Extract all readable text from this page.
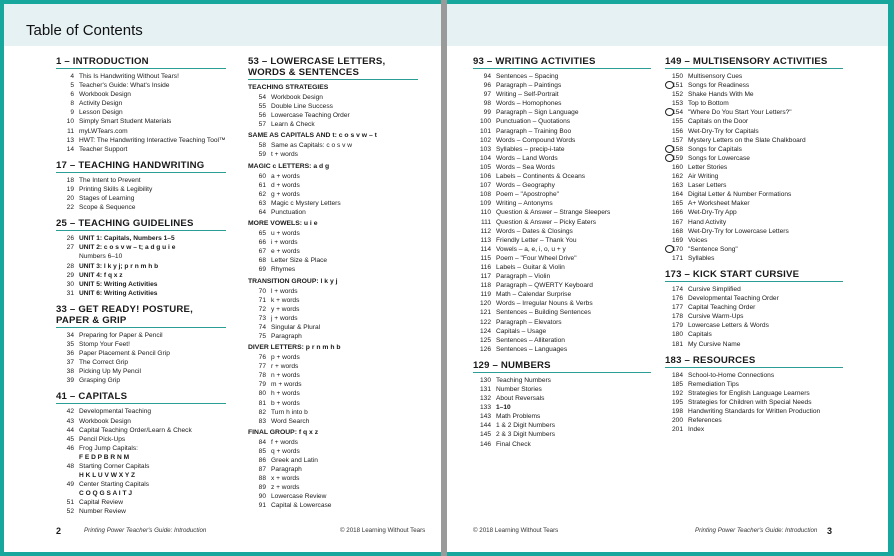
Table of Contents
1 – INTRODUCTION
4 This Is Handwriting Without Tears!
5 Teacher's Guide: What's Inside
6 Workbook Design
8 Activity Design
9 Lesson Design
10 Simply Smart Student Materials
11 myLWTears.com
13 HWT: The Handwriting Interactive Teaching Tool™
14 Teacher Support
17 – TEACHING HANDWRITING
18 The Intent to Prevent
19 Printing Skills & Legibility
20 Stages of Learning
22 Scope & Sequence
25 – TEACHING GUIDELINES
26 UNIT 1: Capitals, Numbers 1–5
27 UNIT 2: c o s v w – t; a d g u i e
Numbers 6–10
28 UNIT 3: l k y j; p r n m h b
29 UNIT 4: f q x z
30 UNIT 5: Writing Activities
31 UNIT 6: Writing Activities
33 – GET READY! POSTURE, PAPER & GRIP
34 Preparing for Paper & Pencil
35 Stomp Your Feet!
36 Paper Placement & Pencil Grip
37 The Correct Grip
38 Picking Up My Pencil
39 Grasping Grip
41 – CAPITALS
42 Developmental Teaching
43 Workbook Design
44 Capital Teaching Order/Learn & Check
45 Pencil Pick-Ups
46 Frog Jump Capitals:
F E D P B R N M
48 Starting Corner Capitals
H K L U V W X Y Z
49 Center Starting Capitals
C O Q G S A I T J
51 Capital Review
52 Number Review
53 – LOWERCASE LETTERS, WORDS & SENTENCES
TEACHING STRATEGIES
54 Workbook Design
55 Double Line Success
56 Lowercase Teaching Order
57 Learn & Check
SAME AS CAPITALS AND t: c o s v w – t
58 Same as Capitals: c o s v w
59 t + words
MAGIC c LETTERS: a d g
60 a + words
61 d + words
62 g + words
63 Magic c Mystery Letters
64 Punctuation
MORE VOWELS: u i e
65 u + words
66 i + words
67 e + words
68 Letter Size & Place
69 Rhymes
TRANSITION GROUP: l k y j
70 l + words
71 k + words
72 y + words
73 j + words
74 Singular & Plural
75 Paragraph
DIVER LETTERS: p r n m h b
76 p + words
77 r + words
78 n + words
79 m + words
80 h + words
81 b + words
82 Turn h into b
83 Word Search
FINAL GROUP: f q x z
84 f + words
85 q + words
86 Greek and Latin
87 Paragraph
88 x + words
89 z + words
90 Lowercase Review
91 Capital & Lowercase
2	Printing Power Teacher's Guide: Introduction	© 2018 Learning Without Tears
93 – WRITING ACTIVITIES
94 Sentences – Spacing
96 Paragraph – Paintings
97 Writing – Self-Portrait
98 Words – Homophones
99 Paragraph – Sign Language
100 Punctuation – Quotations
101 Paragraph – Training Boo
102 Words – Compound Words
103 Syllables – precip-i-tate
104 Words – Land Words
105 Words – Sea Words
106 Labels – Continents & Oceans
107 Words – Geography
108 Poem – "Apostrophe"
109 Writing – Antonyms
110 Question & Answer – Strange Sleepers
111 Question & Answer – Picky Eaters
112 Words – Dates & Closings
113 Friendly Letter – Thank You
114 Vowels – a, e, i, o, u + y
115 Poem – "Four Wheel Drive"
116 Labels – Guitar & Violin
117 Paragraph – Violin
118 Paragraph – QWERTY Keyboard
119 Math – Calendar Surprise
120 Words – Irregular Nouns & Verbs
121 Sentences – Building Sentences
122 Paragraph – Elevators
124 Capitals – Usage
125 Sentences – Alliteration
126 Sentences – Languages
129 – NUMBERS
130 Teaching Numbers
131 Number Stories
132 About Reversals
133 1–10
143 Math Problems
144 1 & 2 Digit Numbers
145 2 & 3 Digit Numbers
146 Final Check
149 – MULTISENSORY ACTIVITIES
150 Multisensory Cues
151 Songs for Readiness
152 Shake Hands With Me
153 Top to Bottom
154 "Where Do You Start Your Letters?"
155 Capitals on the Door
156 Wet-Dry-Try for Capitals
157 Mystery Letters on the Slate Chalkboard
158 Songs for Capitals
159 Songs for Lowercase
160 Letter Stories
162 Air Writing
163 Laser Letters
164 Digital Letter & Number Formations
165 A+ Worksheet Maker
166 Wet-Dry-Try App
167 Hand Activity
168 Wet-Dry-Try for Lowercase Letters
169 Voices
170 "Sentence Song"
171 Syllables
173 – KICK START CURSIVE
174 Cursive Simplified
176 Developmental Teaching Order
177 Capital Teaching Order
178 Cursive Warm-Ups
179 Lowercase Letters & Words
180 Capitals
181 My Cursive Name
183 – RESOURCES
184 School-to-Home Connections
185 Remediation Tips
192 Strategies for English Language Learners
195 Strategies for Children with Special Needs
198 Handwriting Standards for Written Production
200 References
201 Index
© 2018 Learning Without Tears	Printing Power Teacher's Guide: Introduction 3
